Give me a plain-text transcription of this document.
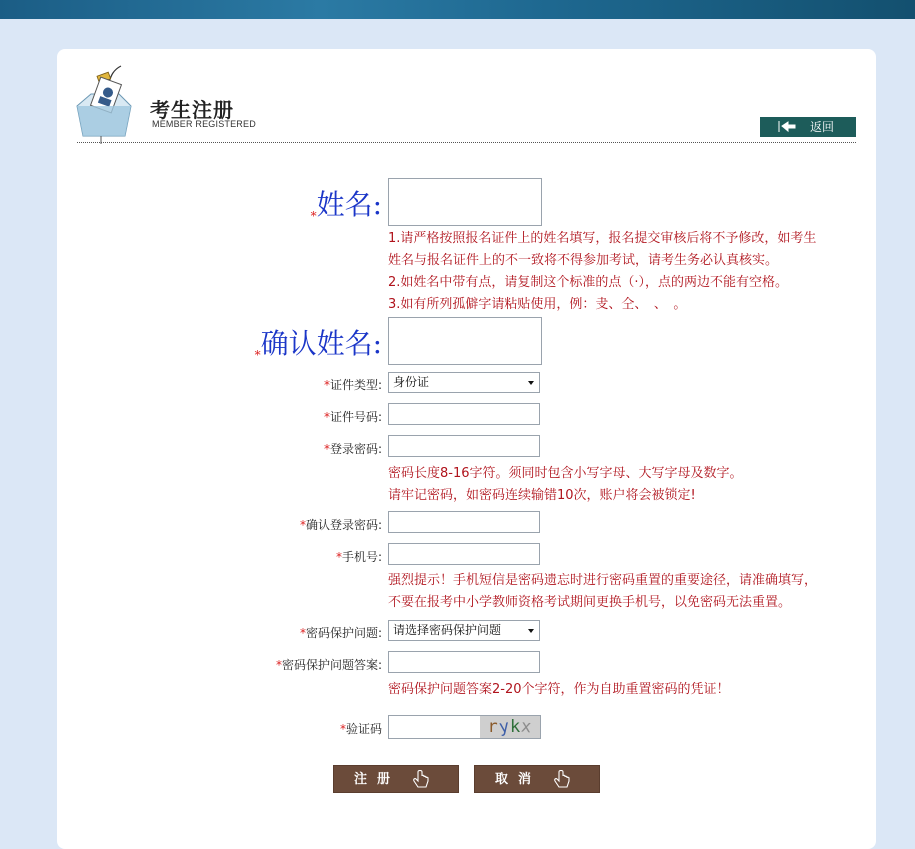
考生注册
MEMBER REGISTERED	返回
$_*$姓名:
1.请严格按照报名证件上的姓名填写，报名提交审核后将不予修改，如考生
姓名与报名证件上的不一致将不得参加考试，请考生务必认真核实。
2.如姓名中带有点，请复制这个标准的点（·），点的两边不能有空格。
3.如有所列孤僻字请粘贴使用，例：叏、仝、　、　。
$_*$确认姓名:
*证件类型: 身份证
*证件号码:
*登录密码:
密码长度8-16字符。须同时包含小写字母、大写字母及数字。
请牢记密码，如密码连续输错10次，账户将会被锁定!
*确认登录密码:
*手机号:
强烈提示！手机短信是密码遗忘时进行密码重置的重要途径，请准确填写，
不要在报考中小学教师资格考试期间更换手机号，以免密码无法重置。
*密码保护问题: 请选择密码保护问题
*密码保护问题答案:
密码保护问题答案2-20个字符，作为自助重置密码的凭证！
*验证码	rykx
注册	取消
